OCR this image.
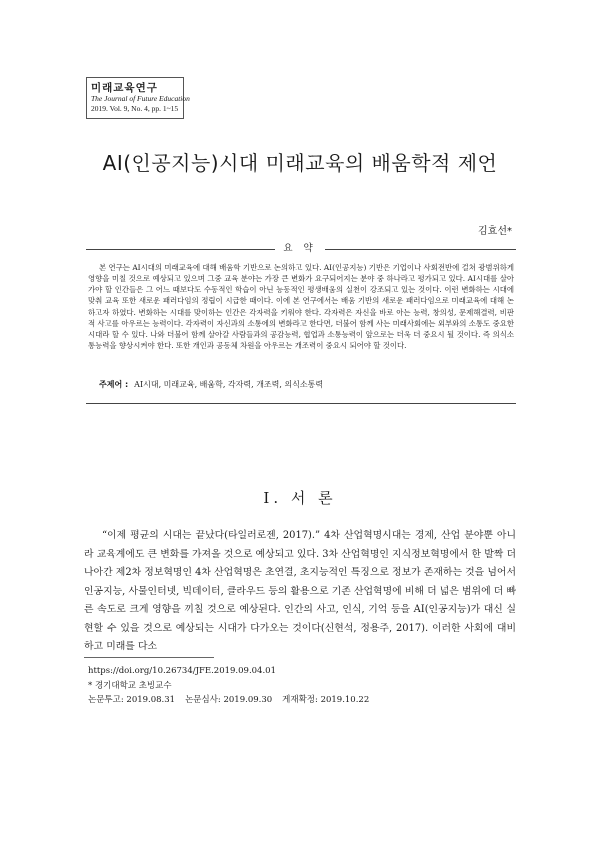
미래교육연구
The Journal of Future Education
2019. Vol. 9, No. 4, pp. 1~15
AI(인공지능)시대 미래교육의 배움학적 제언
김효선*
요 약

본 연구는 AI시대의 미래교육에 대해 배움학 기반으로 논의하고 있다. AI(인공지능) 기반은 기업이나 사회전반에 걸쳐 광범위하게 영향을 미칠 것으로 예상되고 있으며 그중 교육 분야는 가장 큰 변화가 요구되어지는 분야 중 하나라고 평가되고 있다. AI시대를 살아가야 할 인간들은 그 어느 때보다도 수동적인 학습이 아닌 능동적인 평생배움의 실천이 강조되고 있는 것이다. 이런 변화하는 시대에 맞춰 교육 또한 새로운 패러다임의 정립이 시급한 때이다. 이에 본 연구에서는 배움 기반의 새로운 패러다임으로 미래교육에 대해 논하고자 하였다. 변화하는 시대를 맞이하는 인간은 각자력을 키워야 한다. 각자력은 자신을 바로 아는 능력, 창의성, 문제해결력, 비판적 사고를 아우르는 능력이다. 각자력이 자신과의 소통에의 변화라고 한다면, 더불어 함께 사는 미래사회에는 외부와의 소통도 중요한 시대라 할 수 있다. 나와 더불어 함께 살아갈 사람들과의 공감능력, 협업과 소통능력이 앞으로는 더욱 더 중요시 될 것이다. 즉 의식소통능력을 향상시켜야 한다. 또한 개인과 공동체 차원을 아우르는 개조력이 중요시 되어야 할 것이다.

주제어 : AI시대, 미래교육, 배움학, 각자력, 개조력, 의식소통력
I. 서 론

“이제 평균의 시대는 끝났다(타일러로젠, 2017).” 4차 산업혁명시대는 경제, 산업 분야뿐 아니라 교육계에도 큰 변화를 가져올 것으로 예상되고 있다. 3차 산업혁명인 지식정보혁명에서 한 발짝 더 나아간 제2차 정보혁명인 4차 산업혁명은 초연결, 초지능적인 특징으로 정보가 존재하는 것을 넘어서 인공지능, 사물인터넷, 빅데이터, 클라우드 등의 활용으로 기존 산업혁명에 비해 더 넓은 범위에 더 빠른 속도로 크게 영향을 끼칠 것으로 예상된다. 인간의 사고, 인식, 기억 등을 AI(인공지능)가 대신 실현할 수 있을 것으로 예상되는 시대가 다가오는 것이다(신현석, 정용주, 2017). 이러한 사회에 대비하고 미래를 다소

https://doi.org/10.26734/JFE.2019.09.04.01
* 경기대학교 초빙교수
논문투고: 2019.08.31 논문심사: 2019.09.30 게재확정: 2019.10.22
